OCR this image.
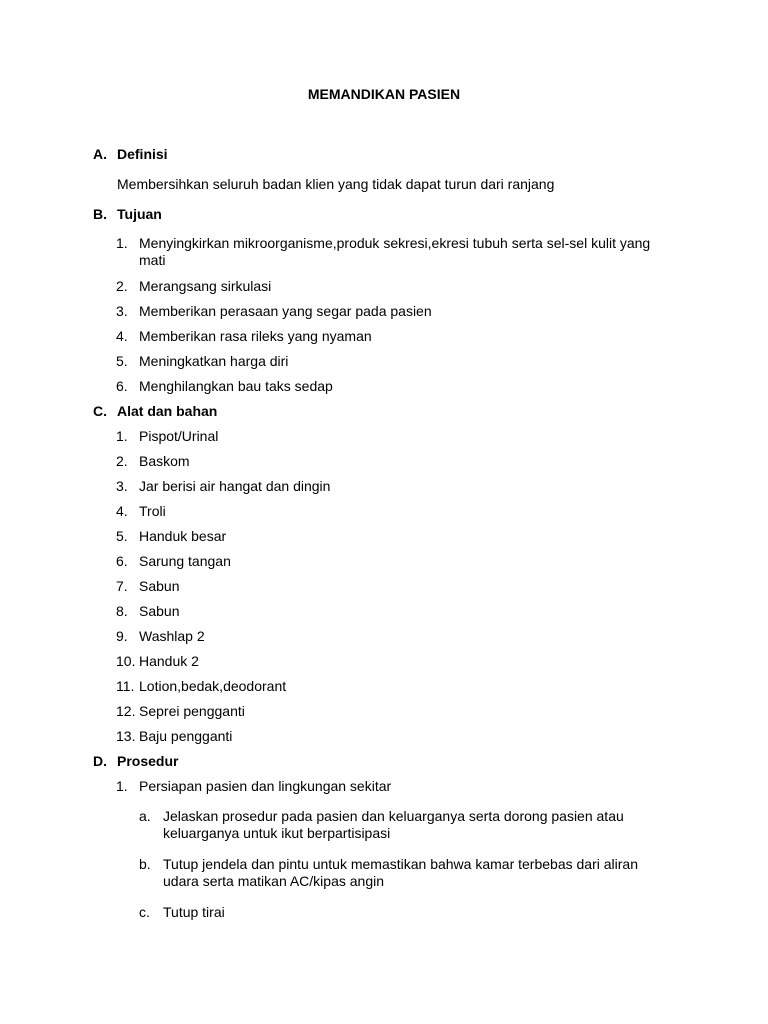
MEMANDIKAN PASIEN
A. Definisi
Membersihkan seluruh badan klien yang tidak dapat turun dari ranjang
B. Tujuan
1. Menyingkirkan mikroorganisme,produk sekresi,ekresi tubuh serta sel-sel kulit yang mati
2. Merangsang sirkulasi
3. Memberikan perasaan yang segar pada pasien
4. Memberikan rasa rileks yang nyaman
5. Meningkatkan harga diri
6. Menghilangkan bau taks sedap
C. Alat dan bahan
1. Pispot/Urinal
2. Baskom
3. Jar berisi air hangat dan dingin
4. Troli
5. Handuk besar
6. Sarung tangan
7. Sabun
8. Sabun
9. Washlap 2
10. Handuk 2
11. Lotion,bedak,deodorant
12. Seprei pengganti
13. Baju pengganti
D. Prosedur
1. Persiapan pasien dan lingkungan sekitar
a. Jelaskan prosedur pada pasien dan keluarganya serta dorong pasien atau keluarganya untuk ikut berpartisipasi
b. Tutup jendela dan pintu untuk memastikan bahwa kamar terbebas dari aliran udara serta matikan AC/kipas angin
c. Tutup tirai
